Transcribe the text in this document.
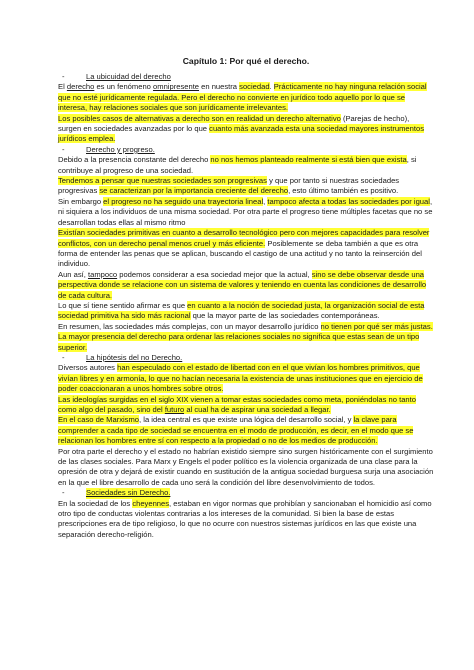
Capítulo 1: Por qué el derecho.
-	La ubicuidad del derecho

El derecho es un fenómeno omnipresente en nuestra sociedad. Prácticamente no hay ninguna relación social que no esté jurídicamente regulada. Pero el derecho no convierte en jurídico todo aquello por lo que se interesa, hay relaciones sociales que son jurídicamente irrelevantes.

Los posibles casos de alternativas a derecho son en realidad un derecho alternativo (Parejas de hecho), surgen en sociedades avanzadas por lo que cuanto más avanzada esta una sociedad mayores instrumentos jurídicos emplea.

-	Derecho y progreso.

Debido a la presencia constante del derecho no nos hemos planteado realmente si está bien que exista, si contribuye al progreso de una sociedad.

Tendemos a pensar que nuestras sociedades son progresivas y que por tanto si nuestras sociedades progresivas se caracterizan por la importancia creciente del derecho, esto último también es positivo.

Sin embargo el progreso no ha seguido una trayectoria lineal, tampoco afecta a todas las sociedades por igual, ni siquiera a los individuos de una misma sociedad. Por otra parte el progreso tiene múltiples facetas que no se desarrollan todas ellas al mismo ritmo

Existían sociedades primitivas en cuanto a desarrollo tecnológico pero con mejores capacidades para resolver conflictos, con un derecho penal menos cruel y más eficiente. Posiblemente se deba también a que es otra forma de entender las penas que se aplican, buscando el castigo de una actitud y no tanto la reinserción del individuo.

Aun así, tampoco podemos considerar a esa sociedad mejor que la actual, sino se debe observar desde una perspectiva donde se relacione con un sistema de valores y teniendo en cuenta las condiciones de desarrollo de cada cultura.

Lo que sí tiene sentido afirmar es que en cuanto a la noción de sociedad justa, la organización social de esta sociedad primitiva ha sido más racional que la mayor parte de las sociedades contemporáneas.

En resumen, las sociedades más complejas, con un mayor desarrollo jurídico no tienen por qué ser más justas. La mayor presencia del derecho para ordenar las relaciones sociales no significa que estas sean de un tipo superior.

-	La hipótesis del no Derecho.

Diversos autores han especulado con el estado de libertad con en el que vivían los hombres primitivos, que vivían libres y en armonía, lo que no hacían necesaria la existencia de unas instituciones que en ejercicio de poder coaccionaran a unos hombres sobre otros.

Las ideologías surgidas en el siglo XIX vienen a tomar estas sociedades como meta, poniéndolas no tanto como algo del pasado, sino del futuro al cual ha de aspirar una sociedad a llegar.

En el caso de Marxismo, la idea central es que existe una lógica del desarrollo social, y la clave para comprender a cada tipo de sociedad se encuentra en el modo de producción, es decir, en el modo que se relacionan los hombres entre sí con respecto a la propiedad o no de los medios de producción.

Por otra parte el derecho y el estado no habrían existido siempre sino surgen históricamente con el surgimiento de las clases sociales. Para Marx y Engels el poder político es la violencia organizada de una clase para la opresión de otra y dejará de existir cuando en sustitución de la antigua sociedad burguesa surja una asociación en la que el libre desarrollo de cada uno será la condición del libre desenvolvimiento de todos.

-	Sociedades sin Derecho.

En la sociedad de los cheyennes, estaban en vigor normas que prohibían y sancionaban el homicidio así como otro tipo de conductas violentas contrarias a los intereses de la comunidad. Si bien la base de estas prescripciones era de tipo religioso, lo que no ocurre con nuestros sistemas jurídicos en las que existe una separación derecho-religión.
